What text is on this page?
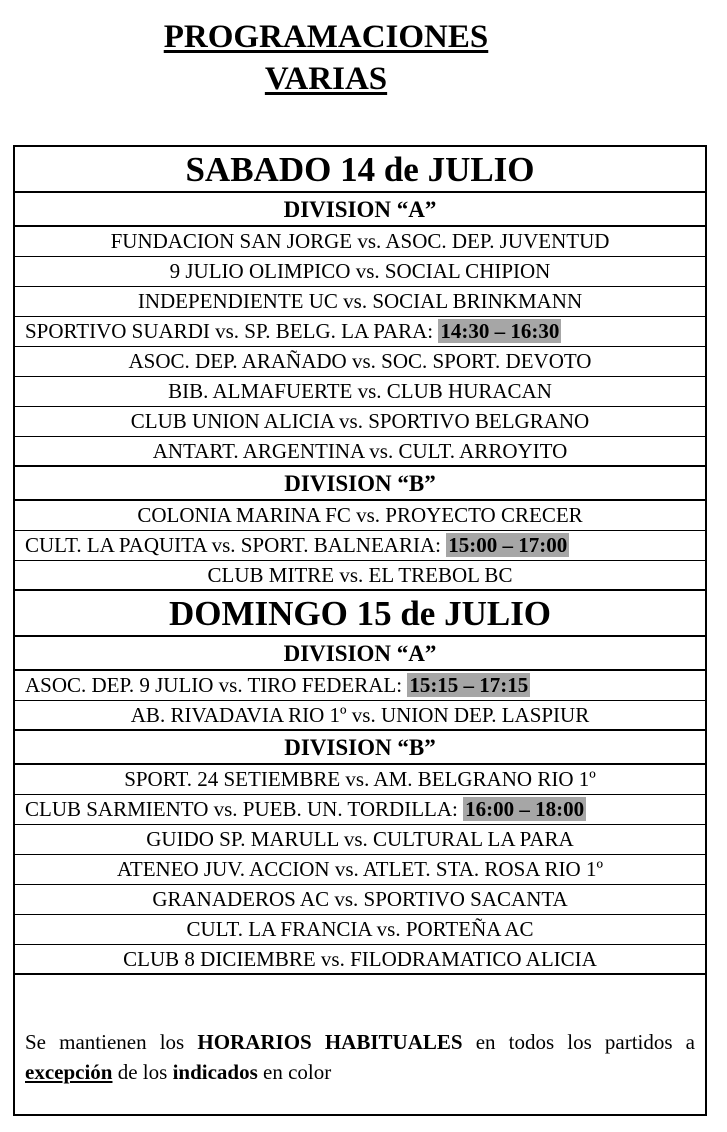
PROGRAMACIONES
VARIAS
SABADO 14 de JULIO
DIVISION “A”
FUNDACION SAN JORGE vs. ASOC. DEP. JUVENTUD
9 JULIO OLIMPICO vs. SOCIAL CHIPION
INDEPENDIENTE UC vs. SOCIAL BRINKMANN
SPORTIVO SUARDI vs. SP. BELG. LA PARA: 14:30 – 16:30
ASOC. DEP. ARAÑADO vs. SOC. SPORT. DEVOTO
BIB. ALMAFUERTE vs. CLUB HURACAN
CLUB UNION ALICIA vs. SPORTIVO BELGRANO
ANTART. ARGENTINA vs. CULT. ARROYITO
DIVISION “B”
COLONIA MARINA FC vs. PROYECTO CRECER
CULT. LA PAQUITA vs. SPORT. BALNEARIA: 15:00 – 17:00
CLUB MITRE vs. EL TREBOL BC
DOMINGO 15 de JULIO
DIVISION “A”
ASOC. DEP. 9 JULIO vs. TIRO FEDERAL: 15:15 – 17:15
AB. RIVADAVIA RIO 1º vs. UNION DEP. LASPIUR
DIVISION “B”
SPORT. 24 SETIEMBRE vs. AM. BELGRANO RIO 1º
CLUB SARMIENTO vs. PUEB. UN. TORDILLA: 16:00 – 18:00
GUIDO SP. MARULL vs. CULTURAL LA PARA
ATENEO JUV. ACCION vs. ATLET. STA. ROSA RIO 1º
GRANADEROS AC vs. SPORTIVO SACANTA
CULT. LA FRANCIA vs. PORTEÑA AC
CLUB 8 DICIEMBRE vs. FILODRAMATICO ALICIA
Se mantienen los HORARIOS HABITUALES en todos los partidos a excepción de los indicados en color
